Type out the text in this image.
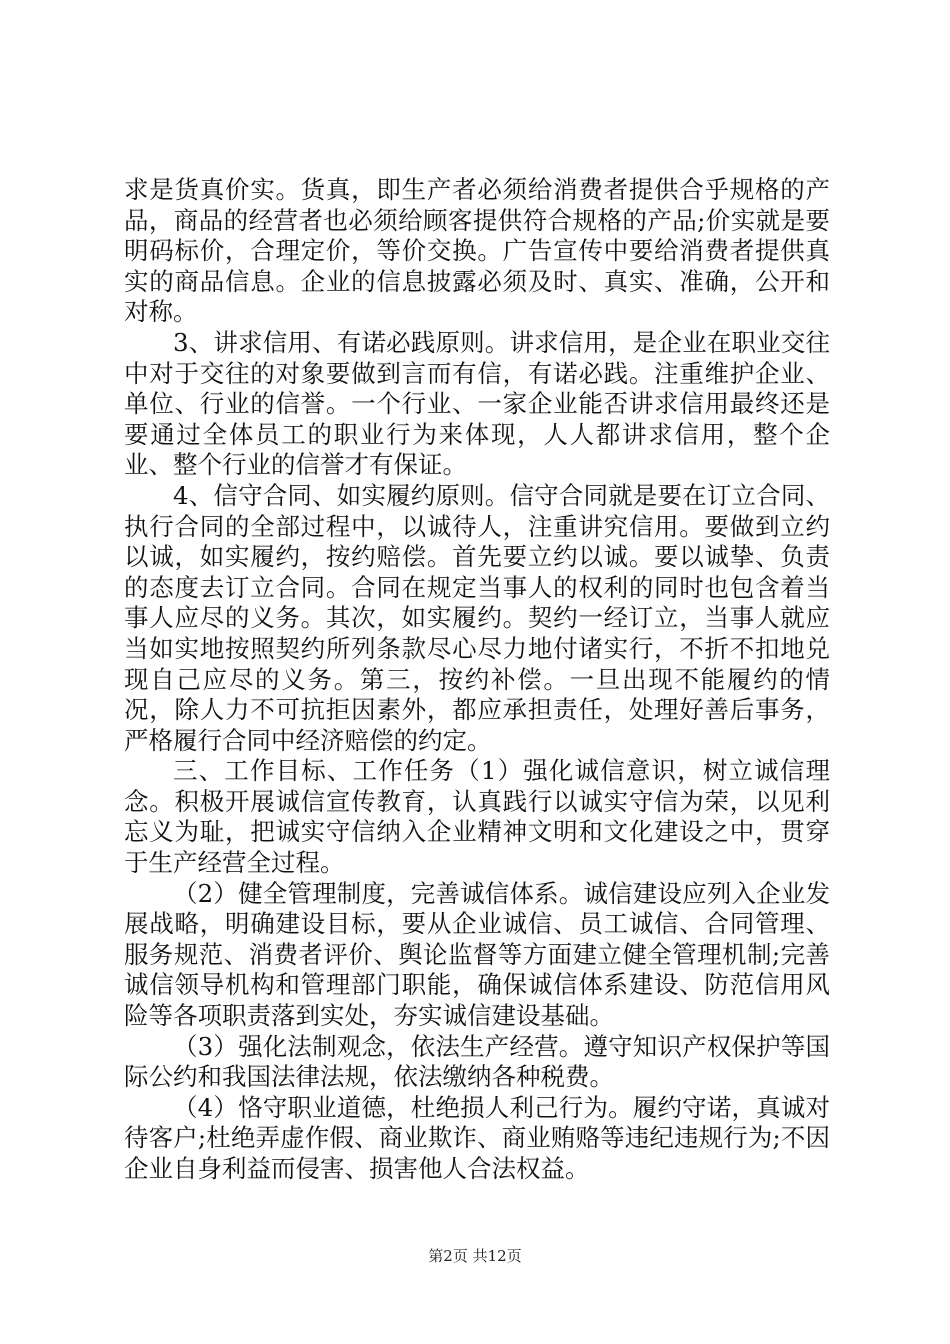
求是货真价实。货真，即生产者必须给消费者提供合乎规格的产品，商品的经营者也必须给顾客提供符合规格的产品;价实就是要明码标价，合理定价，等价交换。广告宣传中要给消费者提供真实的商品信息。企业的信息披露必须及时、真实、准确，公开和对称。

3、讲求信用、有诺必践原则。讲求信用，是企业在职业交往中对于交往的对象要做到言而有信，有诺必践。注重维护企业、单位、行业的信誉。一个行业、一家企业能否讲求信用最终还是要通过全体员工的职业行为来体现，人人都讲求信用，整个企业、整个行业的信誉才有保证。

4、信守合同、如实履约原则。信守合同就是要在订立合同、执行合同的全部过程中，以诚待人，注重讲究信用。要做到立约以诚，如实履约，按约赔偿。首先要立约以诚。要以诚挚、负责的态度去订立合同。合同在规定当事人的权利的同时也包含着当事人应尽的义务。其次，如实履约。契约一经订立，当事人就应当如实地按照契约所列条款尽心尽力地付诸实行，不折不扣地兑现自己应尽的义务。第三，按约补偿。一旦出现不能履约的情况，除人力不可抗拒因素外，都应承担责任，处理好善后事务，严格履行合同中经济赔偿的约定。

三、工作目标、工作任务（1）强化诚信意识，树立诚信理念。积极开展诚信宣传教育，认真践行以诚实守信为荣，以见利忘义为耻，把诚实守信纳入企业精神文明和文化建设之中，贯穿于生产经营全过程。

（2）健全管理制度，完善诚信体系。诚信建设应列入企业发展战略，明确建设目标，要从企业诚信、员工诚信、合同管理、服务规范、消费者评价、舆论监督等方面建立健全管理机制;完善诚信领导机构和管理部门职能，确保诚信体系建设、防范信用风险等各项职责落到实处，夯实诚信建设基础。

（3）强化法制观念，依法生产经营。遵守知识产权保护等国际公约和我国法律法规，依法缴纳各种税费。

（4）恪守职业道德，杜绝损人利己行为。履约守诺，真诚对待客户;杜绝弄虚作假、商业欺诈、商业贿赂等违纪违规行为;不因企业自身利益而侵害、损害他人合法权益。

第2页 共12页
